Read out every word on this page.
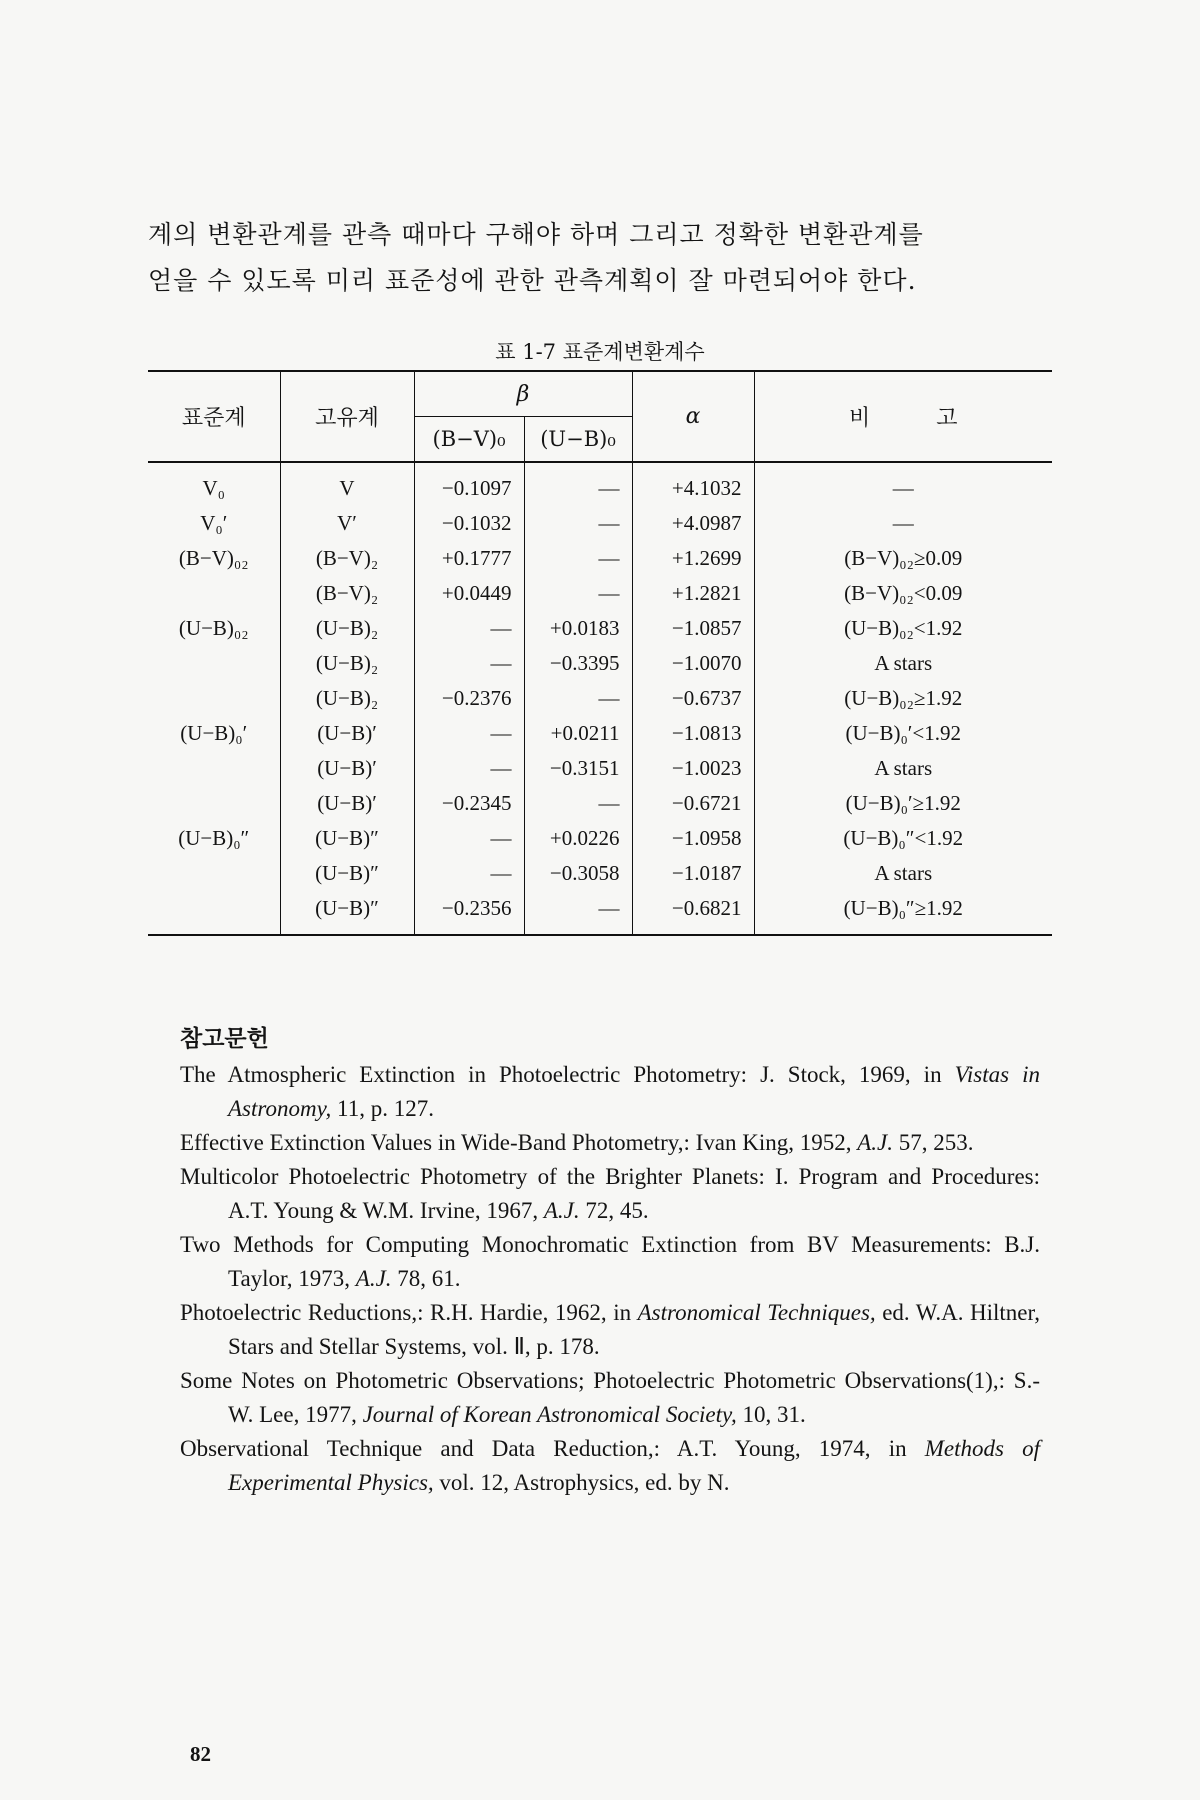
계의 변환관계를 관측 때마다 구해야 하며 그리고 정확한 변환관계를

얻을 수 있도록 미리 표준성에 관한 관측계획이 잘 마련되어야 한다.

표 1-7 표준계변환계수
표준계	고유계	β		α	비　　　고
		(B−V)₀	(U−B)₀		
V₀	V	−0.1097	—	+4.1032	—
V₀′	V′	−0.1032	—	+4.0987	—
(B−V)₀₂	(B−V)₂	+0.1777	—	+1.2699	(B−V)₀₂≥0.09
	(B−V)₂	+0.0449	—	+1.2821	(B−V)₀₂<0.09
(U−B)₀₂	(U−B)₂	—	+0.0183	−1.0857	(U−B)₀₂<1.92
	(U−B)₂	—	−0.3395	−1.0070	A stars
	(U−B)₂	−0.2376	—	−0.6737	(U−B)₀₂≥1.92
(U−B)₀′	(U−B)′	—	+0.0211	−1.0813	(U−B)₀′<1.92
	(U−B)′	—	−0.3151	−1.0023	A stars
	(U−B)′	−0.2345	—	−0.6721	(U−B)₀′≥1.92
(U−B)₀″	(U−B)″	—	+0.0226	−1.0958	(U−B)₀″<1.92
	(U−B)″	—	−0.3058	−1.0187	A stars
	(U−B)″	−0.2356	—	−0.6821	(U−B)₀″≥1.92
참고문헌

The Atmospheric Extinction in Photoelectric Photometry: J. Stock, 1969, in Vistas in Astronomy, 11, p. 127.

Effective Extinction Values in Wide-Band Photometry,: Ivan King, 1952, A.J. 57, 253.

Multicolor Photoelectric Photometry of the Brighter Planets: I. Program and Procedures: A.T. Young & W.M. Irvine, 1967, A.J. 72, 45.

Two Methods for Computing Monochromatic Extinction from BV Measurements: B.J. Taylor, 1973, A.J. 78, 61.

Photoelectric Reductions,: R.H. Hardie, 1962, in Astronomical Techniques, ed. W.A. Hiltner, Stars and Stellar Systems, vol. Ⅱ, p. 178.

Some Notes on Photometric Observations; Photoelectric Photometric Observations(1),: S.-W. Lee, 1977, Journal of Korean Astronomical Society, 10, 31.

Observational Technique and Data Reduction,: A.T. Young, 1974, in Methods of Experimental Physics, vol. 12, Astrophysics, ed. by N.

82
